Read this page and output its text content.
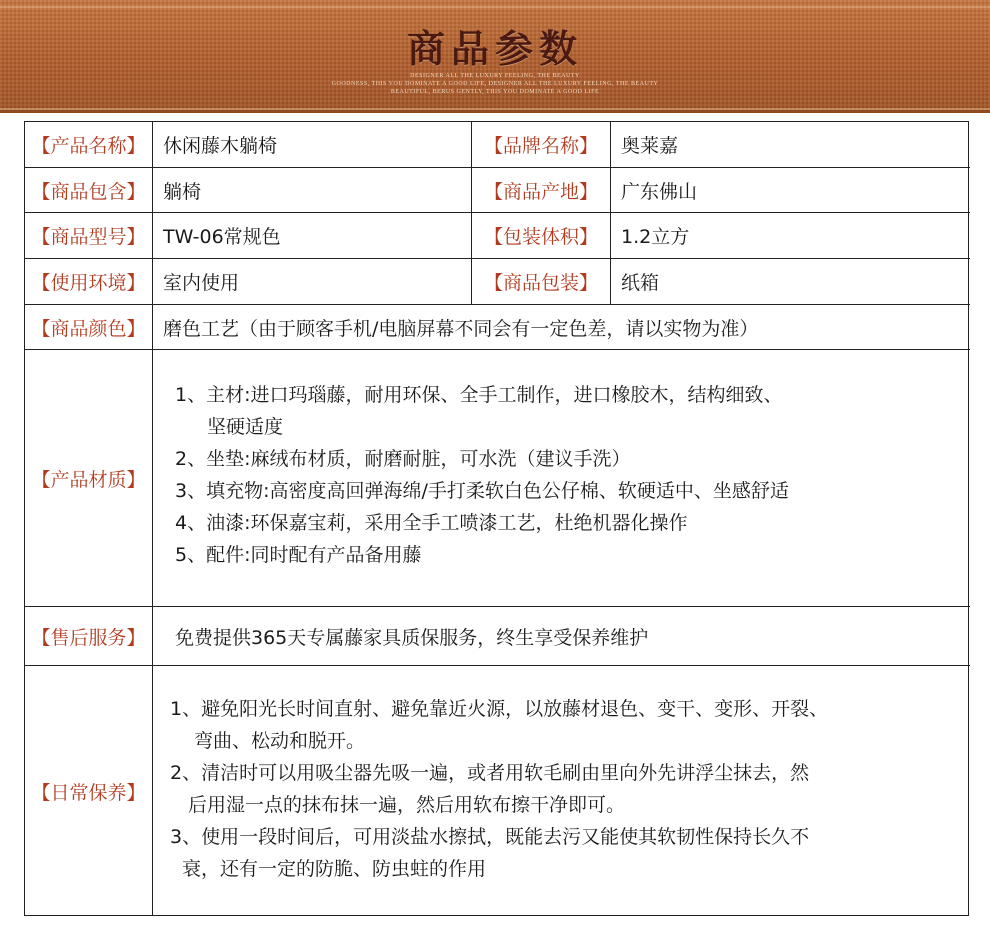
商品参数
DESIGNER ALL THE LUXURY FEELING, THE BEAUTY
GOODNESS, THIS YOU DOMINATE A GOOD LIFE, DESIGNER ALL THE LUXURY FEELING, THE BEAUTY
BEAUTIFUL, BERUS GENTLY, THIS YOU DOMINATE A GOOD LIFE
【产品名称】 休闲藤木躺椅	【品牌名称】	奥莱嘉
【商品包含】 躺椅	【商品产地】	广东佛山
【商品型号】 TW-06常规色	【包装体积】	1.2立方
【使用环境】 室内使用	【商品包装】	纸箱
【商品颜色】 磨色工艺（由于顾客手机/电脑屏幕不同会有一定色差，请以实物为准）
【产品材质】
1、主材:进口玛瑙藤，耐用环保、全手工制作，进口橡胶木，结构细致、
坚硬适度
2、坐垫:麻绒布材质，耐磨耐脏，可水洗（建议手洗）
3、填充物:高密度高回弹海绵/手打柔软白色公仔棉、软硬适中、坐感舒适
4、油漆:环保嘉宝莉，采用全手工喷漆工艺，杜绝机器化操作
5、配件:同时配有产品备用藤
【售后服务】	免费提供365天专属藤家具质保服务，终生享受保养维护
【日常保养】
1、避免阳光长时间直射、避免靠近火源，以放藤材退色、变干、变形、开裂、
弯曲、松动和脱开。
2、清洁时可以用吸尘器先吸一遍，或者用软毛刷由里向外先讲浮尘抹去，然
后用湿一点的抹布抹一遍，然后用软布擦干净即可。
3、使用一段时间后，可用淡盐水擦拭，既能去污又能使其软韧性保持长久不
衰，还有一定的防脆、防虫蛀的作用
